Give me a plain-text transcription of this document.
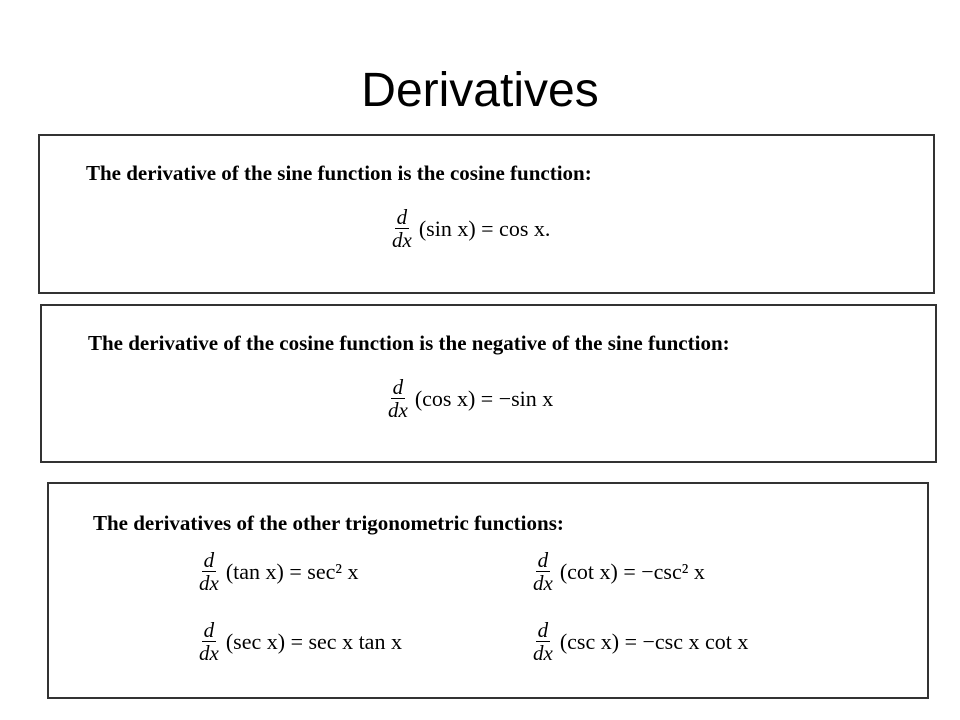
Derivatives
The derivative of the sine function is the cosine function:
$\frac{d}{dx} (\sin$ x) = cos x.
The derivative of the cosine function is the negative of the sine function:
$\frac{d}{dx} (\cos$ x) = −sin x
The derivatives of the other trigonometric functions:
$\frac{d}{dx} (\tan$ x) = sec² x	$\frac{d}{dx} (\cot$ x) = −csc² x
$\frac{d}{dx} (\sec$ x) = sec x tan x	$\frac{d}{dx} (\csc$ x) = −csc x cot x
